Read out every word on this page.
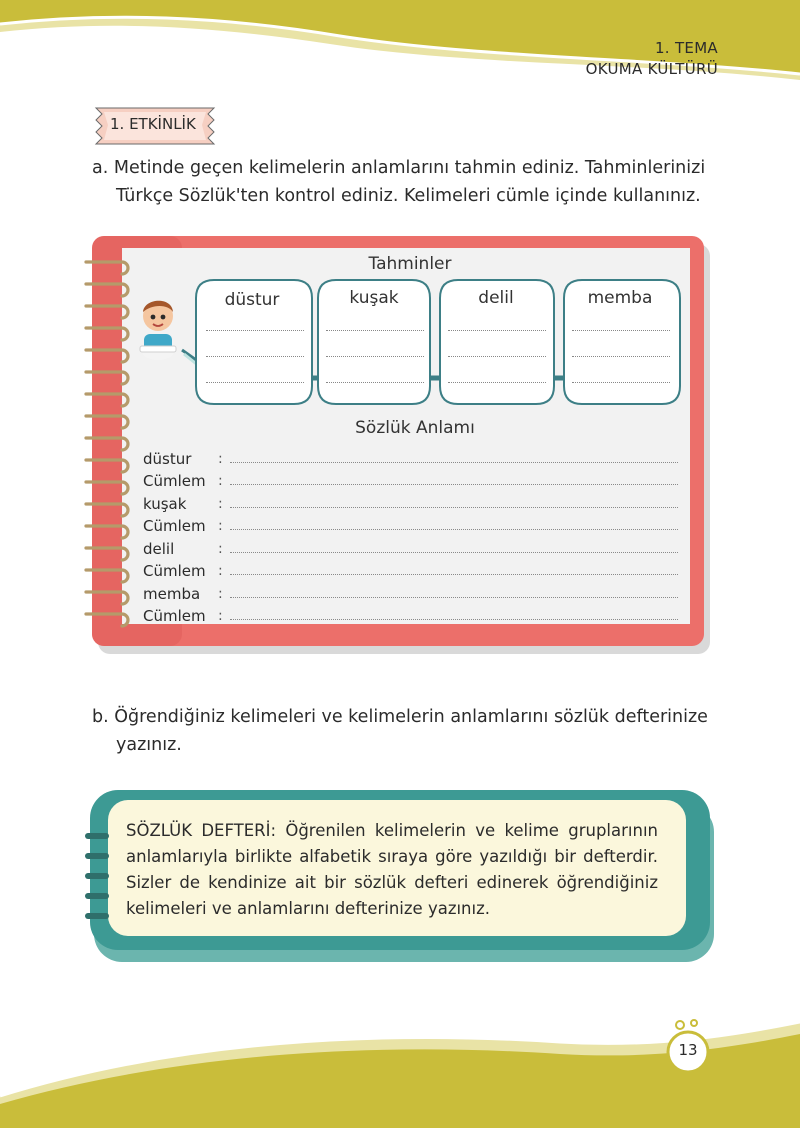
1. TEMA
OKUMA KÜLTÜRÜ
1. ETKİNLİK
a. Metinde geçen kelimelerin anlamlarını tahmin ediniz. Tahminlerinizi
Türkçe Sözlük'ten kontrol ediniz. Kelimeleri cümle içinde kullanınız.
Tahminler
düstur	kuşak	delil	memba
Sözlük Anlamı
düstur :
Cümlem :
kuşak :
Cümlem :
delil	:
Cümlem :
memba :
Cümlem :
b. Öğrendiğiniz kelimeleri ve kelimelerin anlamlarını sözlük defterinize
yazınız.
SÖZLÜK DEFTERİ: Öğrenilen kelimelerin ve kelime gruplarının anlamlarıyla birlikte alfabetik sıraya göre yazıldığı bir defterdir. Sizler de kendinize ait bir sözlük defteri edinerek öğrendiğiniz kelimeleri ve anlamlarını defterinize yazınız.
13
